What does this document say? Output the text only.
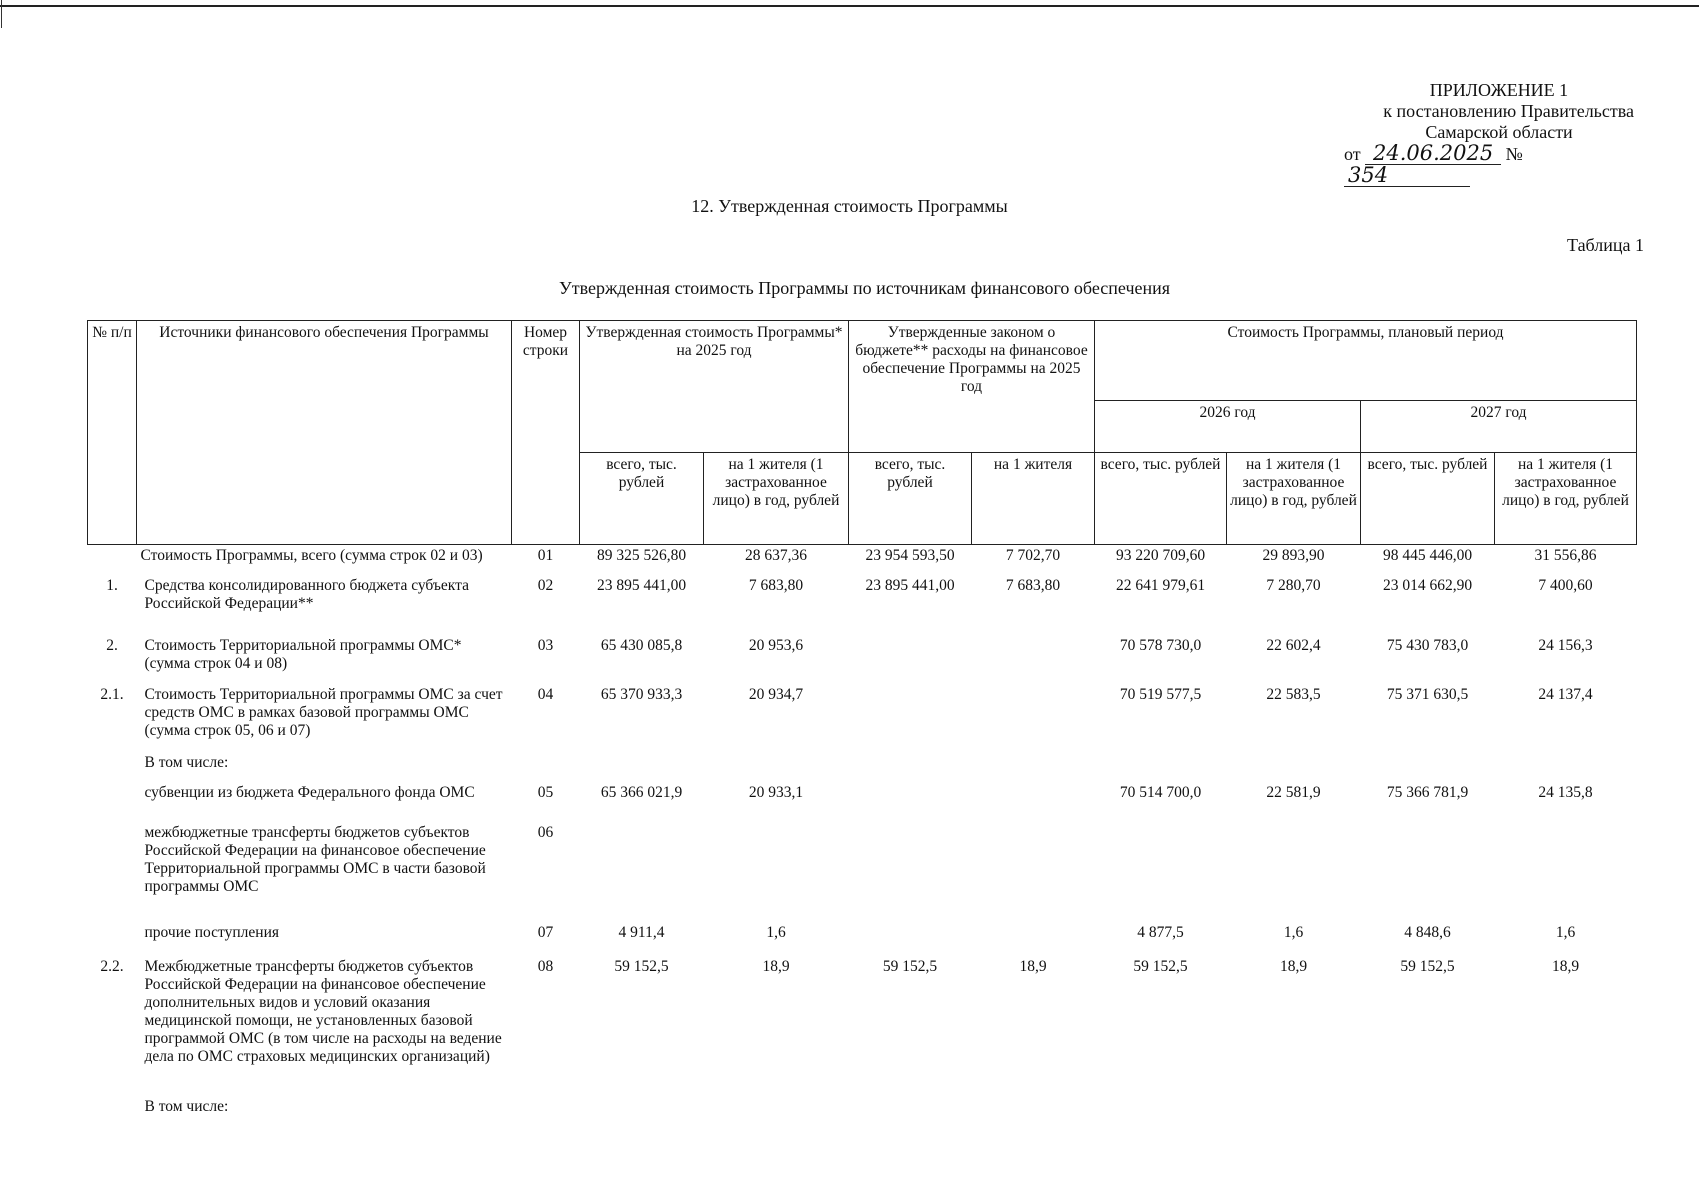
ПРИЛОЖЕНИЕ 1
к постановлению Правительства
Самарской области
от 24.06.2025 № 354
12. Утвержденная стоимость Программы
Таблица 1
Утвержденная стоимость Программы по источникам финансового обеспечения
№ п/п	Источники финансового обеспечения Программы	Номер строки	Утвержденная стоимость Программы* на 2025 год		Утвержденные законом о бюджете** расходы на финансовое обеспечение Программы на 2025 год		Стоимость Программы, плановый период			
							2026 год		2027 год	
			всего, тыс. рублей	на 1 жителя (1 застрахованное лицо) в год, рублей	всего, тыс. рублей	на 1 жителя	всего, тыс. рублей	на 1 жителя (1 застрахованное лицо) в год, рублей	всего, тыс. рублей	на 1 жителя (1 застрахованное лицо) в год, рублей
	Стоимость Программы, всего (сумма строк 02 и 03)	01	89 325 526,80	28 637,36	23 954 593,50	7 702,70	93 220 709,60	29 893,90	98 445 446,00	31 556,86
1.	Средства консолидированного бюджета субъекта Российской Федерации**	02	23 895 441,00	7 683,80	23 895 441,00	7 683,80	22 641 979,61	7 280,70	23 014 662,90	7 400,60
2.	Стоимость Территориальной программы ОМС* (сумма строк 04 и 08)	03	65 430 085,8	20 953,6			70 578 730,0	22 602,4	75 430 783,0	24 156,3
2.1.	Стоимость Территориальной программы ОМС за счет средств ОМС в рамках базовой программы ОМС (сумма строк 05, 06 и 07)	04	65 370 933,3	20 934,7			70 519 577,5	22 583,5	75 371 630,5	24 137,4
	В том числе:									
	субвенции из бюджета Федерального фонда ОМС	05	65 366 021,9	20 933,1			70 514 700,0	22 581,9	75 366 781,9	24 135,8
	межбюджетные трансферты бюджетов субъектов Российской Федерации на финансовое обеспечение Территориальной программы ОМС в части базовой программы ОМС	06								
	прочие поступления	07	4 911,4	1,6			4 877,5	1,6	4 848,6	1,6
2.2.	Межбюджетные трансферты бюджетов субъектов Российской Федерации на финансовое обеспечение дополнительных видов и условий оказания медицинской помощи, не установленных базовой программой ОМС (в том числе на расходы на ведение дела по ОМС страховых медицинских организаций)	08	59 152,5	18,9	59 152,5	18,9	59 152,5	18,9	59 152,5	18,9
	В том числе:									
